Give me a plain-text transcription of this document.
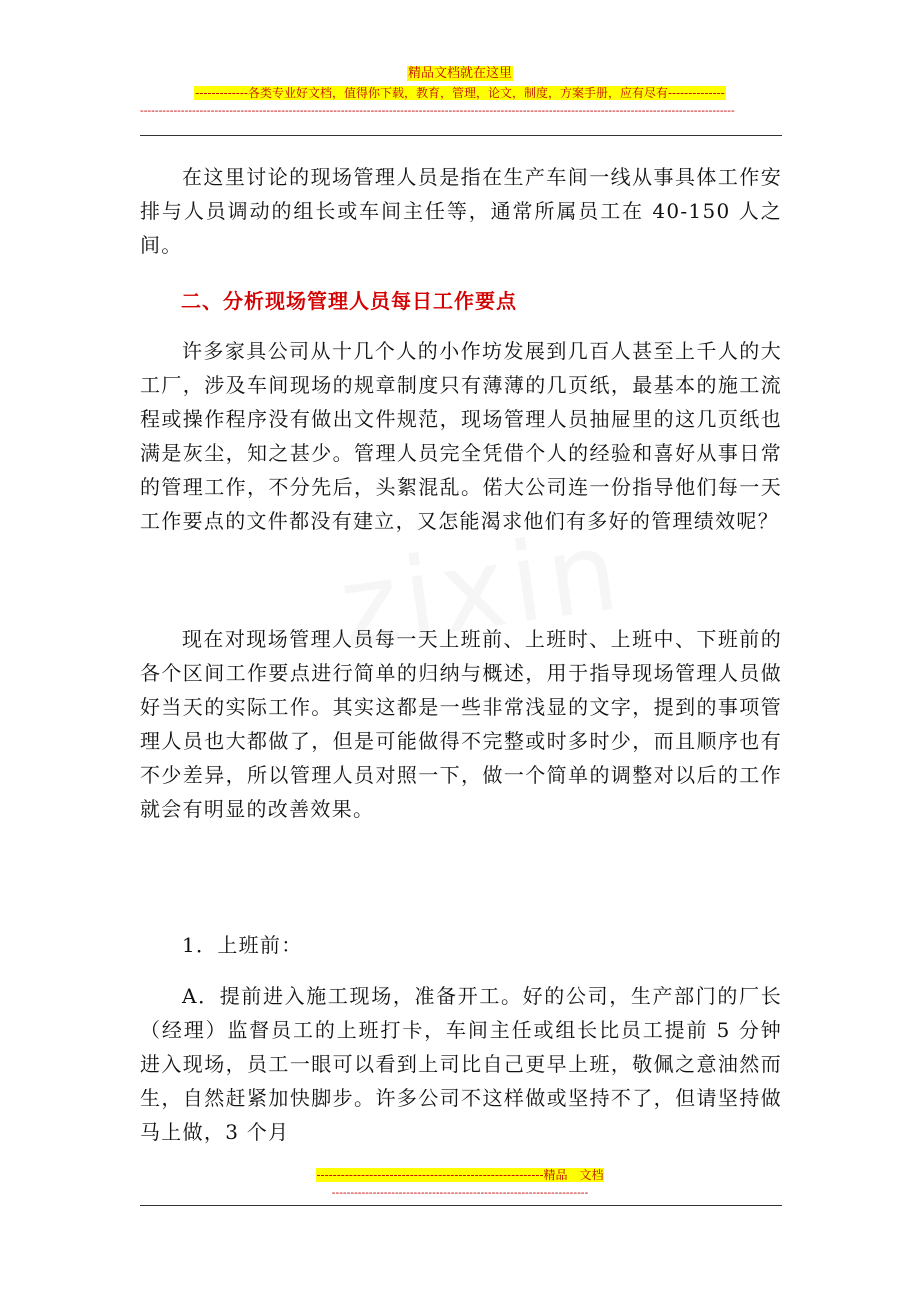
精品文档就在这里
-------------各类专业好文档，值得你下载，教育，管理，论文，制度，方案手册，应有尽有--------------
----------------------------------------------------------------------------------------------------------------------------------------------------------------

在这里讨论的现场管理人员是指在生产车间一线从事具体工作安排与人员调动的组长或车间主任等，通常所属员工在 40-150 人之间。

二、分析现场管理人员每日工作要点

许多家具公司从十几个人的小作坊发展到几百人甚至上千人的大工厂，涉及车间现场的规章制度只有薄薄的几页纸，最基本的施工流程或操作程序没有做出文件规范，现场管理人员抽屉里的这几页纸也满是灰尘，知之甚少。管理人员完全凭借个人的经验和喜好从事日常的管理工作，不分先后，头絮混乱。偌大公司连一份指导他们每一天工作要点的文件都没有建立，又怎能渴求他们有多好的管理绩效呢？

现在对现场管理人员每一天上班前、上班时、上班中、下班前的各个区间工作要点进行简单的归纳与概述，用于指导现场管理人员做好当天的实际工作。其实这都是一些非常浅显的文字，提到的事项管理人员也大都做了，但是可能做得不完整或时多时少，而且顺序也有不少差异，所以管理人员对照一下，做一个简单的调整对以后的工作就会有明显的改善效果。

1．上班前：

A．提前进入施工现场，准备开工。好的公司，生产部门的厂长（经理）监督员工的上班打卡，车间主任或组长比员工提前 5 分钟进入现场，员工一眼可以看到上司比自己更早上班，敬佩之意油然而生，自然赶紧加快脚步。许多公司不这样做或坚持不了，但请坚持做马上做，3 个月

--------------------------------------------------------精品　文档
---------------------------------------------------------------------
